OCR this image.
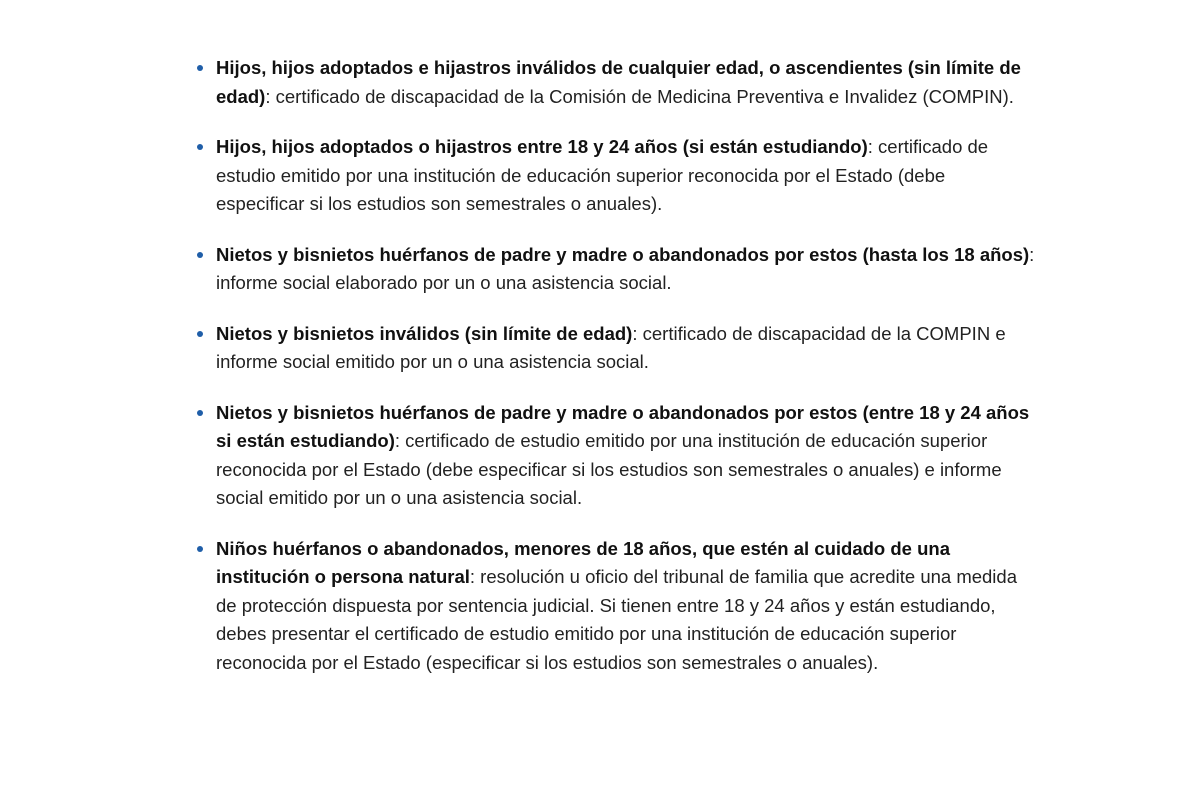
Hijos, hijos adoptados e hijastros inválidos de cualquier edad, o ascendientes (sin límite de edad): certificado de discapacidad de la Comisión de Medicina Preventiva e Invalidez (COMPIN).
Hijos, hijos adoptados o hijastros entre 18 y 24 años (si están estudiando): certificado de estudio emitido por una institución de educación superior reconocida por el Estado (debe especificar si los estudios son semestrales o anuales).
Nietos y bisnietos huérfanos de padre y madre o abandonados por estos (hasta los 18 años): informe social elaborado por un o una asistencia social.
Nietos y bisnietos inválidos (sin límite de edad): certificado de discapacidad de la COMPIN e informe social emitido por un o una asistencia social.
Nietos y bisnietos huérfanos de padre y madre o abandonados por estos (entre 18 y 24 años si están estudiando): certificado de estudio emitido por una institución de educación superior reconocida por el Estado (debe especificar si los estudios son semestrales o anuales) e informe social emitido por un o una asistencia social.
Niños huérfanos o abandonados, menores de 18 años, que estén al cuidado de una institución o persona natural: resolución u oficio del tribunal de familia que acredite una medida de protección dispuesta por sentencia judicial. Si tienen entre 18 y 24 años y están estudiando, debes presentar el certificado de estudio emitido por una institución de educación superior reconocida por el Estado (especificar si los estudios son semestrales o anuales).
